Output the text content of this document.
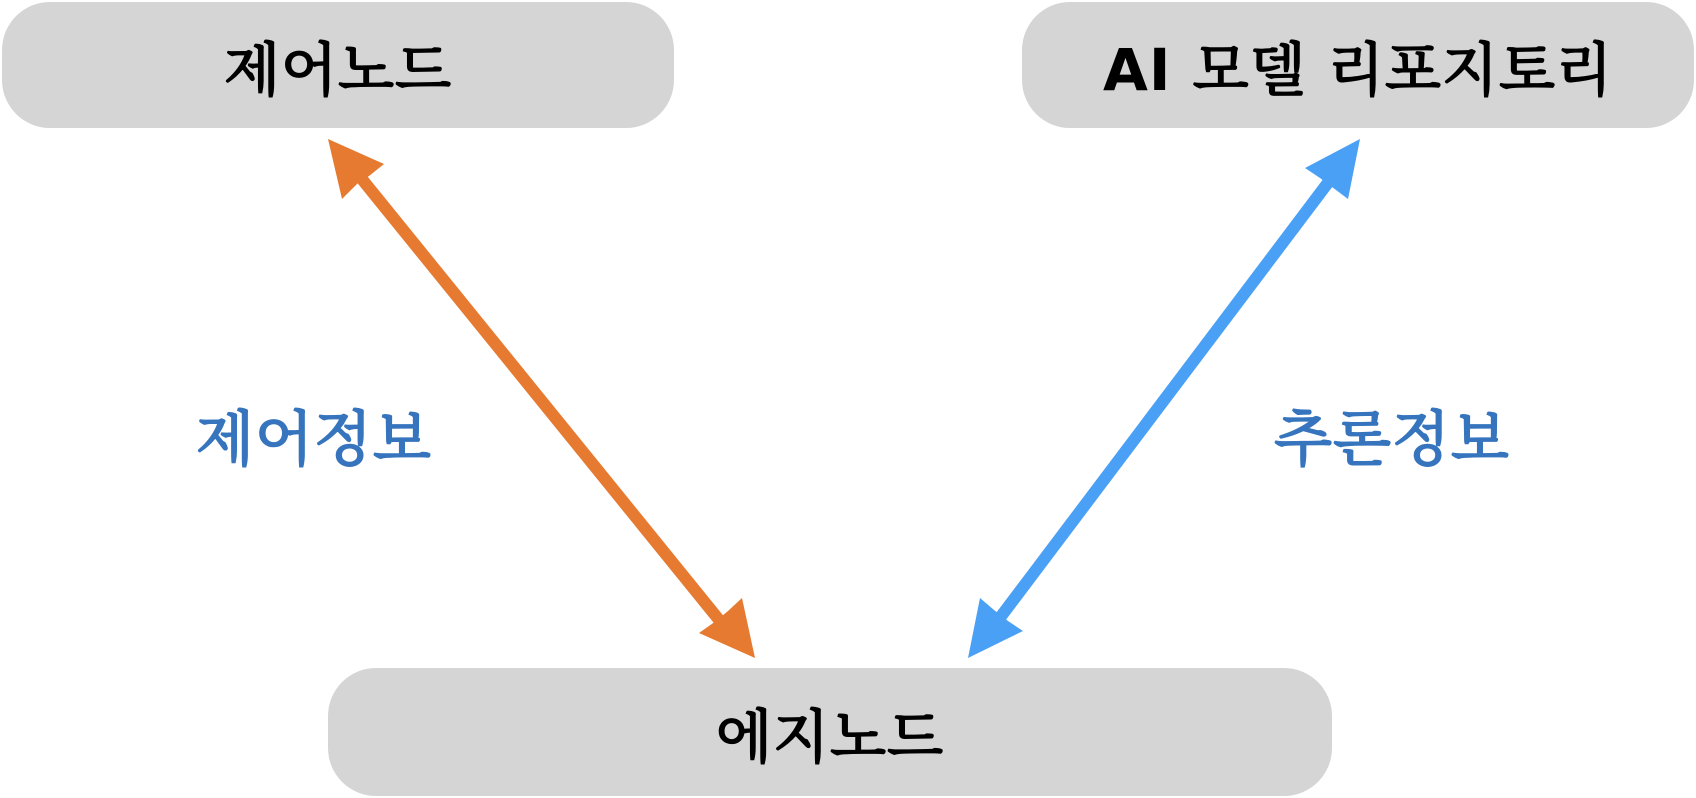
제어노드	AI 모델 리포지토리
에지노드
제어정보	추론정보
